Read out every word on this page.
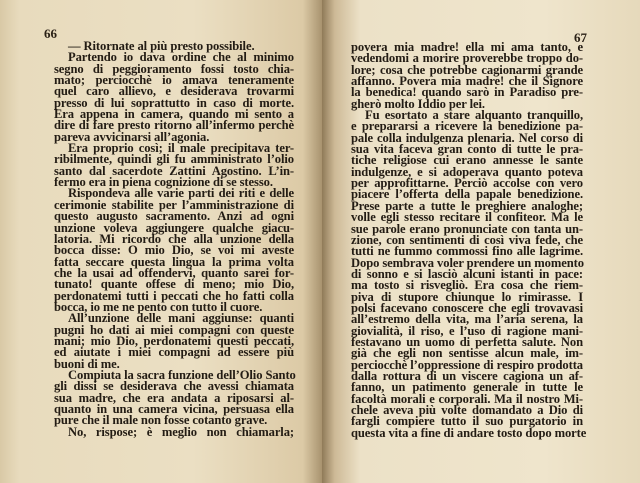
66
— Ritornate al più presto possibile.
Partendo io dava ordine che al minimo
segno di peggioramento fossi tosto chia-
mato; perciocchè io amava teneramente
quel caro allievo, e desiderava trovarmi
presso di lui soprattutto in caso di morte.
Era appena in camera, quando mi sento a
dire di fare presto ritorno all’infermo perchè
pareva avvicinarsi all’agonia.
Era proprio così; il male precipitava ter-
ribilmente, quindi gli fu amministrato l’olio
santo dal sacerdote Zattini Agostino. L’in-
fermo era in piena cognizione di se stesso.
Rispondeva alle varie parti dei riti e delle
cerimonie stabilite per l’amministrazione di
questo augusto sacramento. Anzi ad ogni
unzione voleva aggiungere qualche giacu-
latoria. Mi ricordo che alla unzione della
bocca disse: O mio Dio, se voi mi aveste
fatta seccare questa lingua la prima volta
che la usai ad offendervi, quanto sarei for-
tunato! quante offese di meno; mio Dio,
perdonatemi tutti i peccati che ho fatti colla
bocca, io me ne pento con tutto il cuore.
All’unzione delle mani aggiunse: quanti
pugni ho dati ai miei compagni con queste
mani; mio Dio, perdonatemi questi peccati,
ed aiutate i miei compagni ad essere più
buoni di me.
Compiuta la sacra funzione dell’Olio Santo
gli dissi se desiderava che avessi chiamata
sua madre, che era andata a riposarsi al-
quanto in una camera vicina, persuasa ella
pure che il male non fosse cotanto grave.
No, rispose; è meglio non chiamarla;
67
povera mia madre! ella mi ama tanto, e
vedendomi a morire proverebbe troppo do-
lore; cosa che potrebbe cagionarmi grande
affanno. Povera mia madre! che il Signore
la benedica! quando sarò in Paradiso pre-
gherò molto Iddio per lei.
Fu esortato a stare alquanto tranquillo,
e prepararsi a ricevere la benedizione pa-
pale colla indulgenza plenaria. Nel corso di
sua vita faceva gran conto di tutte le pra-
tiche religiose cui erano annesse le sante
indulgenze, e si adoperava quanto poteva
per approfittarne. Perciò accolse con vero
piacere l’offerta della papale benedizione.
Prese parte a tutte le preghiere analoghe;
volle egli stesso recitare il confiteor. Ma le
sue parole erano pronunciate con tanta un-
zione, con sentimenti di così viva fede, che
tutti ne fummo commossi fino alle lagrime.
Dopo sembrava voler prendere un momento
di sonno e si lasciò alcuni istanti in pace:
ma tosto si risvegliò. Era cosa che riem-
piva di stupore chiunque lo rimirasse. I
polsi facevano conoscere che egli trovavasi
all’estremo della vita, ma l’aria serena, la
giovialità, il riso, e l’uso di ragione mani-
festavano un uomo di perfetta salute. Non
già che egli non sentisse alcun male, im-
perciocchè l’oppressione di respiro prodotta
dalla rottura di un viscere cagiona un af-
fanno, un patimento generale in tutte le
facoltà morali e corporali. Ma il nostro Mi-
chele aveva più volte domandato a Dio di
fargli compiere tutto il suo purgatorio in
questa vita a fine di andare tosto dopo morte
